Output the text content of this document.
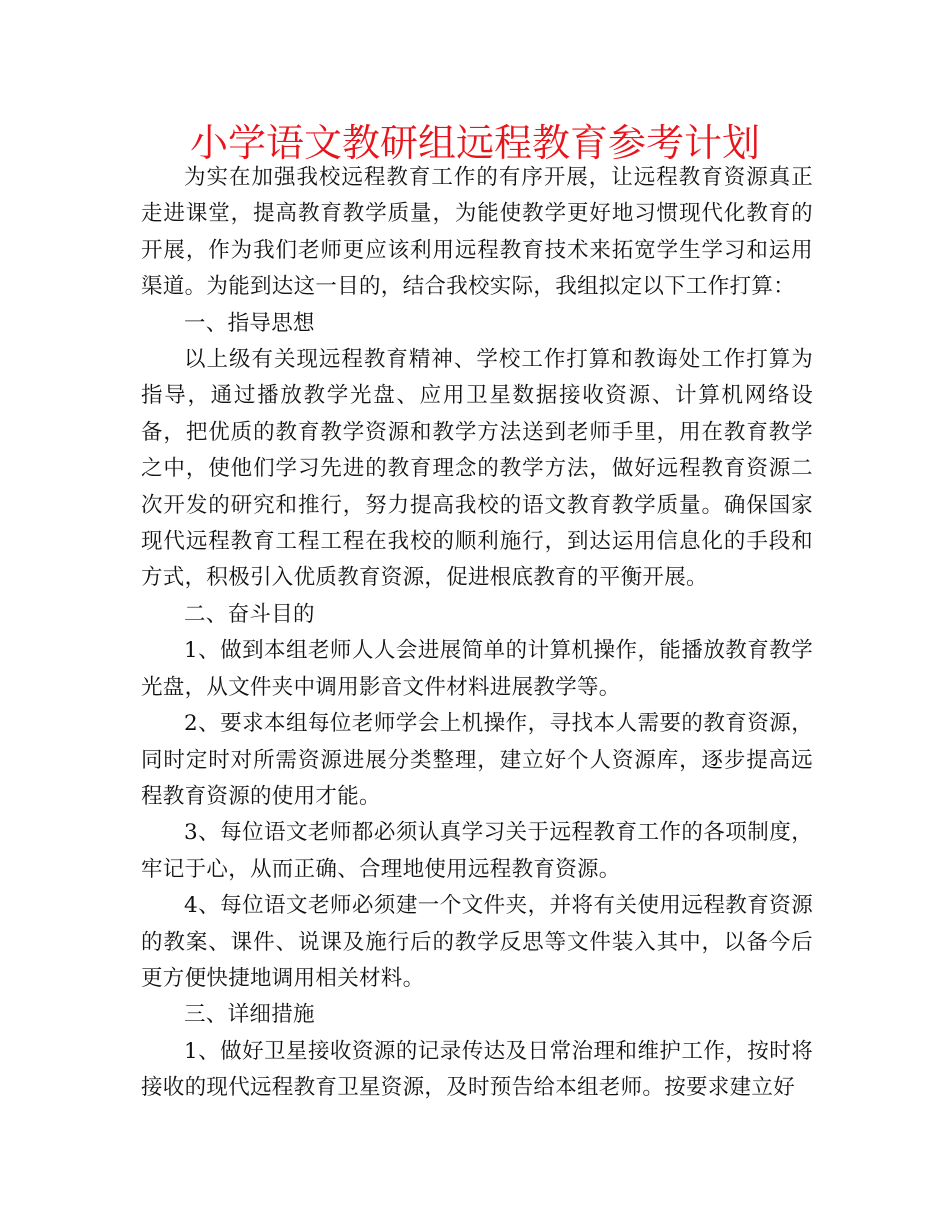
小学语文教研组远程教育参考计划

为实在加强我校远程教育工作的有序开展，让远程教育资源真正走进课堂，提高教育教学质量，为能使教学更好地习惯现代化教育的开展，作为我们老师更应该利用远程教育技术来拓宽学生学习和运用渠道。为能到达这一目的，结合我校实际，我组拟定以下工作打算：

一、指导思想

以上级有关现远程教育精神、学校工作打算和教诲处工作打算为指导，通过播放教学光盘、应用卫星数据接收资源、计算机网络设备，把优质的教育教学资源和教学方法送到老师手里，用在教育教学之中，使他们学习先进的教育理念的教学方法，做好远程教育资源二次开发的研究和推行，努力提高我校的语文教育教学质量。确保国家现代远程教育工程工程在我校的顺利施行，到达运用信息化的手段和方式，积极引入优质教育资源，促进根底教育的平衡开展。

二、奋斗目的

1、做到本组老师人人会进展简单的计算机操作，能播放教育教学光盘，从文件夹中调用影音文件材料进展教学等。

2、要求本组每位老师学会上机操作，寻找本人需要的教育资源，同时定时对所需资源进展分类整理，建立好个人资源库，逐步提高远程教育资源的使用才能。

3、每位语文老师都必须认真学习关于远程教育工作的各项制度，牢记于心，从而正确、合理地使用远程教育资源。

4、每位语文老师必须建一个文件夹，并将有关使用远程教育资源的教案、课件、说课及施行后的教学反思等文件装入其中，以备今后更方便快捷地调用相关材料。

三、详细措施

1、做好卫星接收资源的记录传达及日常治理和维护工作，按时将接收的现代远程教育卫星资源，及时预告给本组老师。按要求建立好
